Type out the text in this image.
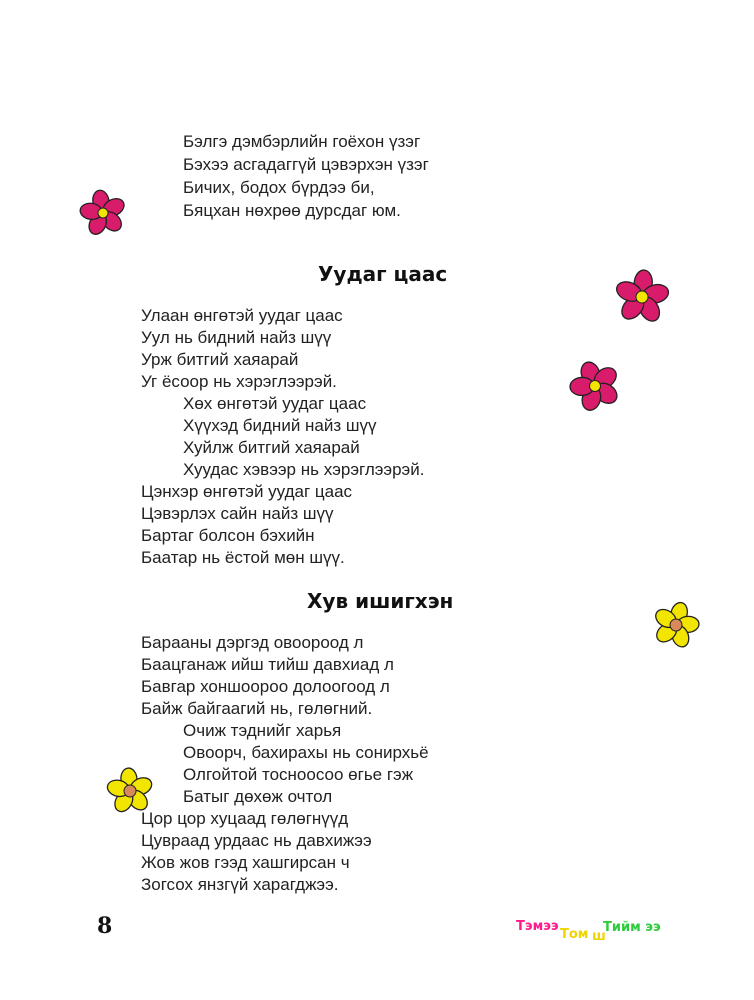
Бэлгэ дэмбэрлийн гоёхон үзэг
Бэхээ асгадаггүй цэвэрхэн үзэг
Бичих, бодох бүрдээ би,
Бяцхан нөхрөө дурсдаг юм.
Уудаг цаас
Улаан өнгөтэй уудаг цаас
Уул нь бидний найз шүү
Урж битгий хаяарай
Уг ёсоор нь хэрэглээрэй.
Хөх өнгөтэй уудаг цаас
Хүүхэд бидний найз шүү
Хуйлж битгий хаяарай
Хуудас хэвээр нь хэрэглээрэй.
Цэнхэр өнгөтэй уудаг цаас
Цэвэрлэх сайн найз шүү
Бартаг болсон бэхийн
Баатар нь ёстой мөн шүү.
Хув ишигхэн
Барааны дэргэд овоороод л
Баацганаж ийш тийш давхиад л
Бавгар хоншоороо долоогоод л
Байж байгаагий нь, гөлөгний.
Очиж тэднийг харья
Овоорч, бахирахы нь сонирхьё
Олгойтой тосноосоо өгье гэж
Батыг дөхөж очтол
Цор цор хуцаад гөлөгнүүд
Цувраад урдаас нь давхижээ
Жов жов гээд хашгирсан ч
Зогсох янзгүй харагджээ.
8	Тэмээ
Том ш
Тийм ээ
